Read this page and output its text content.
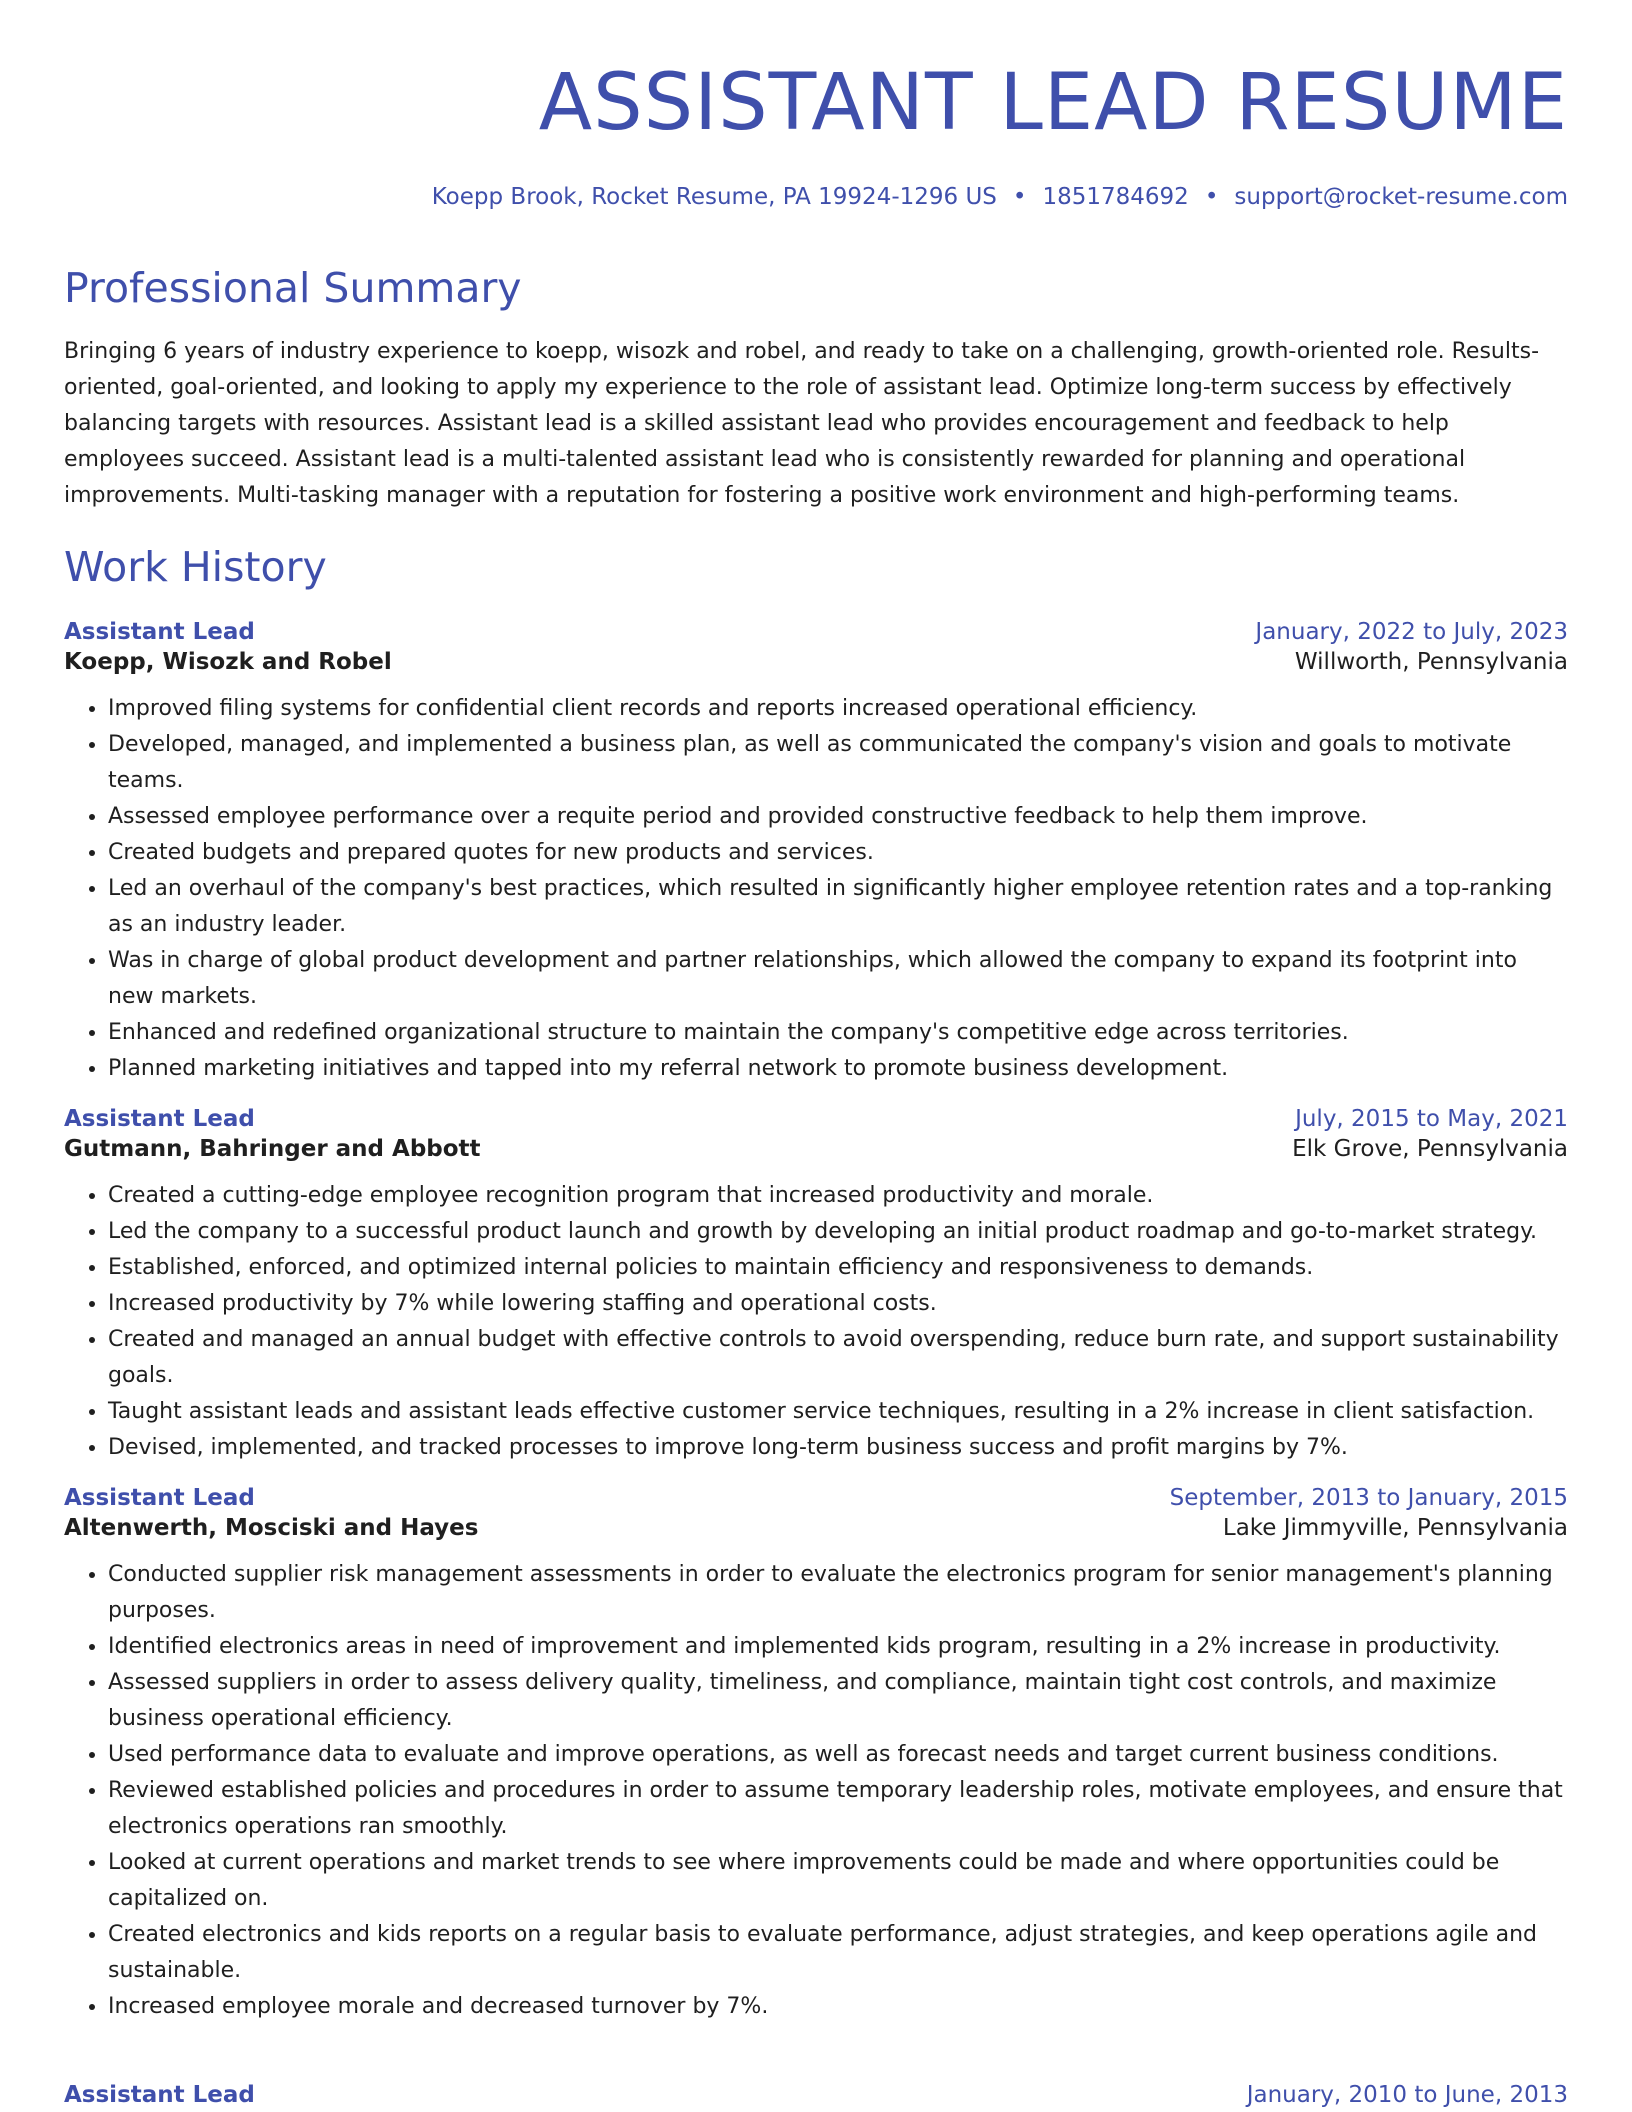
ASSISTANT LEAD RESUME
Koepp Brook, Rocket Resume, PA 19924-1296 US • 1851784692 • support@rocket-resume.com
Professional Summary

Bringing 6 years of industry experience to koepp, wisozk and robel, and ready to take on a challenging, growth-oriented role. Results-oriented, goal-oriented, and looking to apply my experience to the role of assistant lead. Optimize long-term success by effectively balancing targets with resources. Assistant lead is a skilled assistant lead who provides encouragement and feedback to help employees succeed. Assistant lead is a multi-talented assistant lead who is consistently rewarded for planning and operational improvements. Multi-tasking manager with a reputation for fostering a positive work environment and high-performing teams.

Work History
Assistant Lead	January, 2022 to July, 2023
Koepp, Wisozk and Robel	Willworth, Pennsylvania
• Improved filing systems for confidential client records and reports increased operational efficiency.
• Developed, managed, and implemented a business plan, as well as communicated the company's vision and goals to motivate teams.
• Assessed employee performance over a requite period and provided constructive feedback to help them improve.
• Created budgets and prepared quotes for new products and services.
• Led an overhaul of the company's best practices, which resulted in significantly higher employee retention rates and a top-ranking as an industry leader.
• Was in charge of global product development and partner relationships, which allowed the company to expand its footprint into new markets.
• Enhanced and redefined organizational structure to maintain the company's competitive edge across territories.
• Planned marketing initiatives and tapped into my referral network to promote business development.
Assistant Lead	July, 2015 to May, 2021
Gutmann, Bahringer and Abbott	Elk Grove, Pennsylvania
• Created a cutting-edge employee recognition program that increased productivity and morale.
• Led the company to a successful product launch and growth by developing an initial product roadmap and go-to-market strategy.
• Established, enforced, and optimized internal policies to maintain efficiency and responsiveness to demands.
• Increased productivity by 7% while lowering staffing and operational costs.
• Created and managed an annual budget with effective controls to avoid overspending, reduce burn rate, and support sustainability goals.
• Taught assistant leads and assistant leads effective customer service techniques, resulting in a 2% increase in client satisfaction.
• Devised, implemented, and tracked processes to improve long-term business success and profit margins by 7%.
Assistant Lead	September, 2013 to January, 2015
Altenwerth, Mosciski and Hayes	Lake Jimmyville, Pennsylvania
• Conducted supplier risk management assessments in order to evaluate the electronics program for senior management's planning purposes.
• Identified electronics areas in need of improvement and implemented kids program, resulting in a 2% increase in productivity.
• Assessed suppliers in order to assess delivery quality, timeliness, and compliance, maintain tight cost controls, and maximize business operational efficiency.
• Used performance data to evaluate and improve operations, as well as forecast needs and target current business conditions.
• Reviewed established policies and procedures in order to assume temporary leadership roles, motivate employees, and ensure that electronics operations ran smoothly.
• Looked at current operations and market trends to see where improvements could be made and where opportunities could be capitalized on.
• Created electronics and kids reports on a regular basis to evaluate performance, adjust strategies, and keep operations agile and sustainable.
• Increased employee morale and decreased turnover by 7%.
Assistant Lead	January, 2010 to June, 2013
